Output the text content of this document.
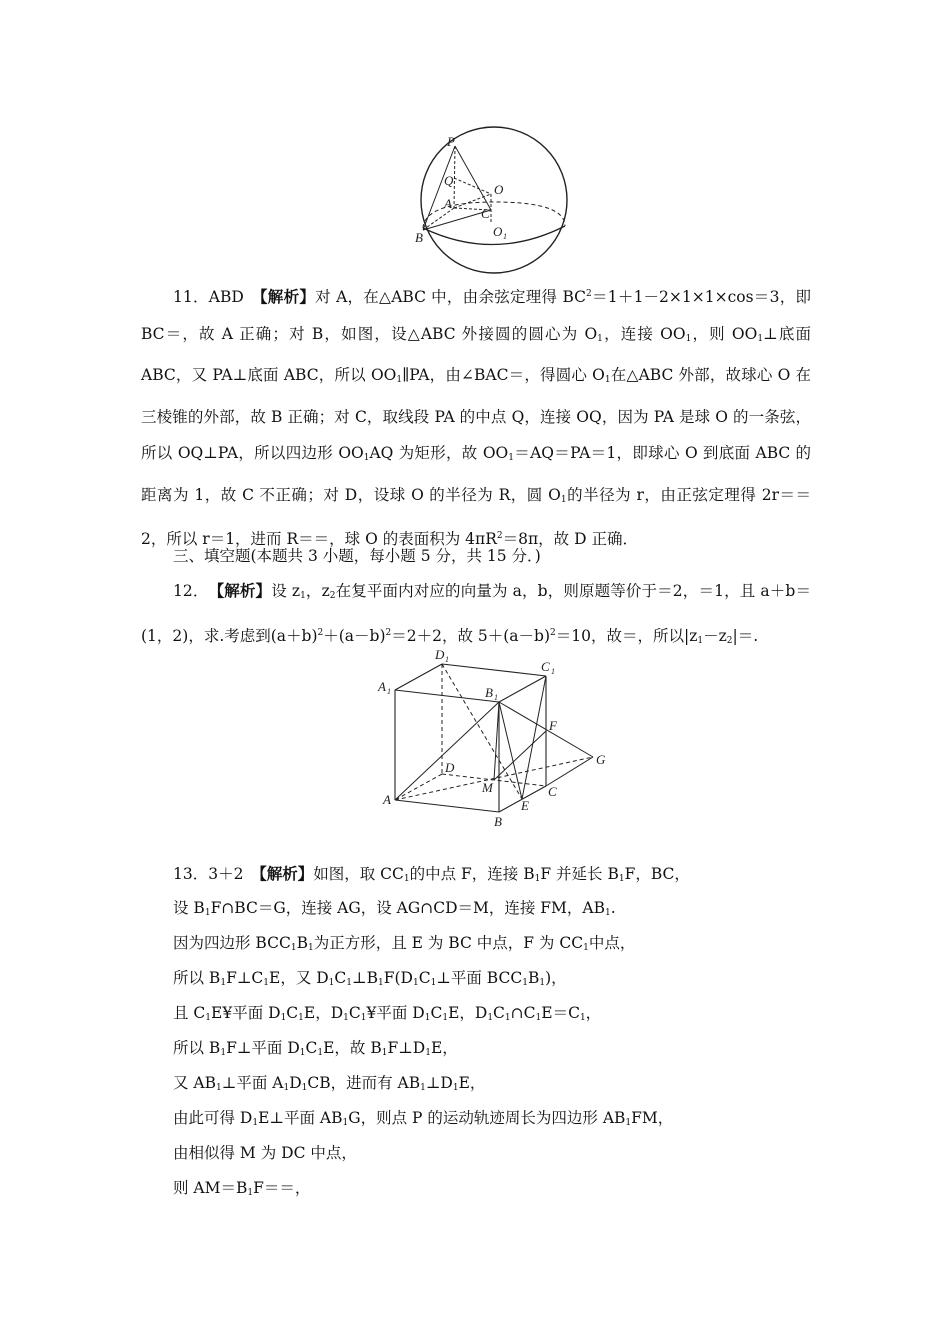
P
Q
O
A
C
B	O 1

11．ABD　 【解析】对 A，在△ABC 中，由余弦定理得 $BC^2=1+1-2\times 1\times 1\times\cos=3$，即 BC＝，故 A 正确；对 B，如图，设△ABC 外接圆的圆心为 $O_1$，连接 $OO_1$，则 $OO_1\perp$底面 ABC，又 PA⊥底面 ABC，所以 $OO_1\parallel PA$，由∠BAC＝，得圆心 $O_1$在△ABC 外部，故球心 O 在三棱锥的外部，故 B 正确；对 C，取线段 PA 的中点 Q，连接 OQ，因为 PA 是球 O 的一条弦，所以 OQ⊥PA，所以四边形 $OO_1AQ$ 为矩形，故 $OO_1=AQ=PA=1$，即球心 O 到底面 ABC 的距离为 1，故 C 不正确；对 D，设球 O 的半径为 R，圆 $O_1$的半径为 r，由正弦定理得 2r＝＝2，所以 r＝1，进而 R＝＝，球 O 的表面积为 $4\pi R^2=8\pi$，故 D 正确．

三、填空题(本题共 3 小题，每小题 5 分，共 15 分．)

12．　 【解析】设 $z_1$，$z_2$在复平面内对应的向量为 a，b，则原题等价于＝2，＝1，且 a＋b＝(1，2)，求.考虑到$(a+b)^2+(a-b)^2=2+2$，故 $5+(a-b)^2=10$，故＝，所以$|z_1-z_2|=$.

D 1	C 1
A 1	B 1
F
G
D
M	C
A	E
B
13．3＋2　 【解析】如图，取 $CC_1$的中点 F，连接 $B_1F$ 并延长 $B_1F$，BC，
设 $B_1F\cap BC=G$，连接 AG，设 AG∩CD＝M，连接 FM，$AB_1$.
因为四边形 $BCC_1B_1$为正方形，且 E 为 BC 中点，F 为 $CC_1$中点，
所以 $B_1F\perp C_1E$，又 $D_1C_1\perp B_1F(D_1C_1\perp$平面 $BCC_1B_1$)，
且 $C_1E¥$平面 $D_1C_1E$，$D_1C_1¥$平面 $D_1C_1E$，$D_1C_1\cap C_1E=C_1$，
所以 $B_1F\perp$平面 $D_1C_1E$，故 $B_1F\perp D_1E$，
又 $AB_1\perp$平面 $A_1D_1CB$，进而有 $AB_1\perp D_1E$，
由此可得 $D_1E\perp$平面 $AB_1G$，则点 P 的运动轨迹周长为四边形 $AB_1FM$，
由相似得 M 为 DC 中点，
则 $AM=B_1F==$，
